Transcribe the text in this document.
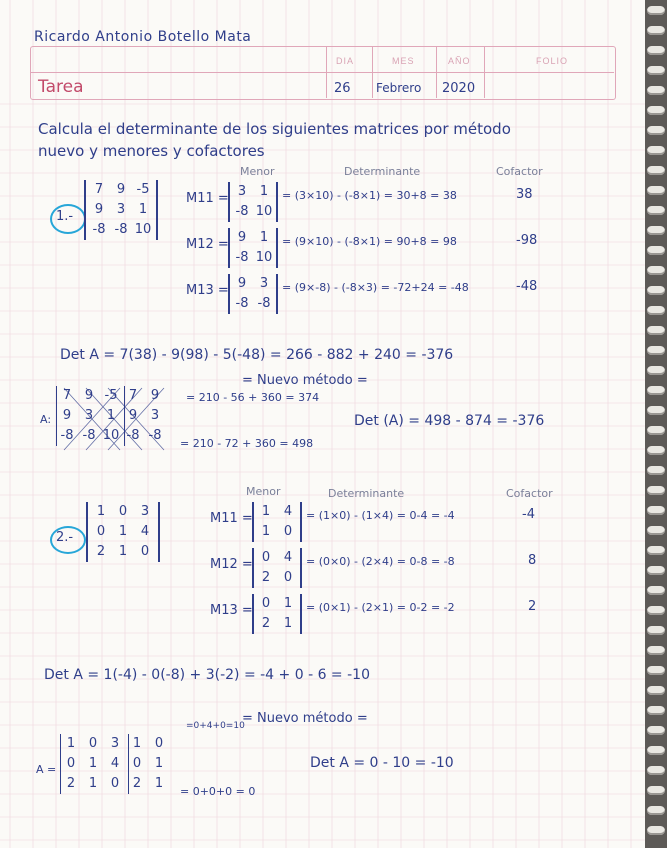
Ricardo Antonio Botello Mata
DIA	MES	AÑO	FOLIO
Tarea	26 Febrero 2020
Calcula el determinante de los siguientes matrices por método
nuevo y menores y cofactores
Menor	Determinante	Cofactor
1.-
7	9 -5
9	3	1
-8 -8 10
M11 = 3	1
-8 10
= (3×10) - (-8×1) = 30+8 = 38	38
M12 = 9	1
-8 10
= (9×10) - (-8×1) = 90+8 = 98	-98
M13 = 9	3
-8 -8
= (9×-8) - (-8×3) = -72+24 = -48	-48
Det A = 7(38) - 9(98) - 5(-48) = 266 - 882 + 240 = -376
= Nuevo método =
A:
7	9 -5 7	9
9	3	1	9	3
-8 -8 10 -8 -8
= 210 - 56 + 360 = 374
Det (A) = 498 - 874 = -376
= 210 - 72 + 360 = 498
Menor	Determinante	Cofactor
2.-
1	0	3
0	1	4
2	1	0
M11 = 1	4
1	0
= (1×0) - (1×4) = 0-4 = -4	-4
M12 = 0	4
2	0
= (0×0) - (2×4) = 0-8 = -8	8
M13 = 0	1
2	1
= (0×1) - (2×1) = 0-2 = -2	2
Det A = 1(-4) - 0(-8) + 3(-2) = -4 + 0 - 6 = -10
= Nuevo método =
=0+4+0=10
A =
1	0	3	1	0
0	1	4	0	1
2	1	0	2	1
Det A = 0 - 10 = -10
= 0+0+0 = 0
